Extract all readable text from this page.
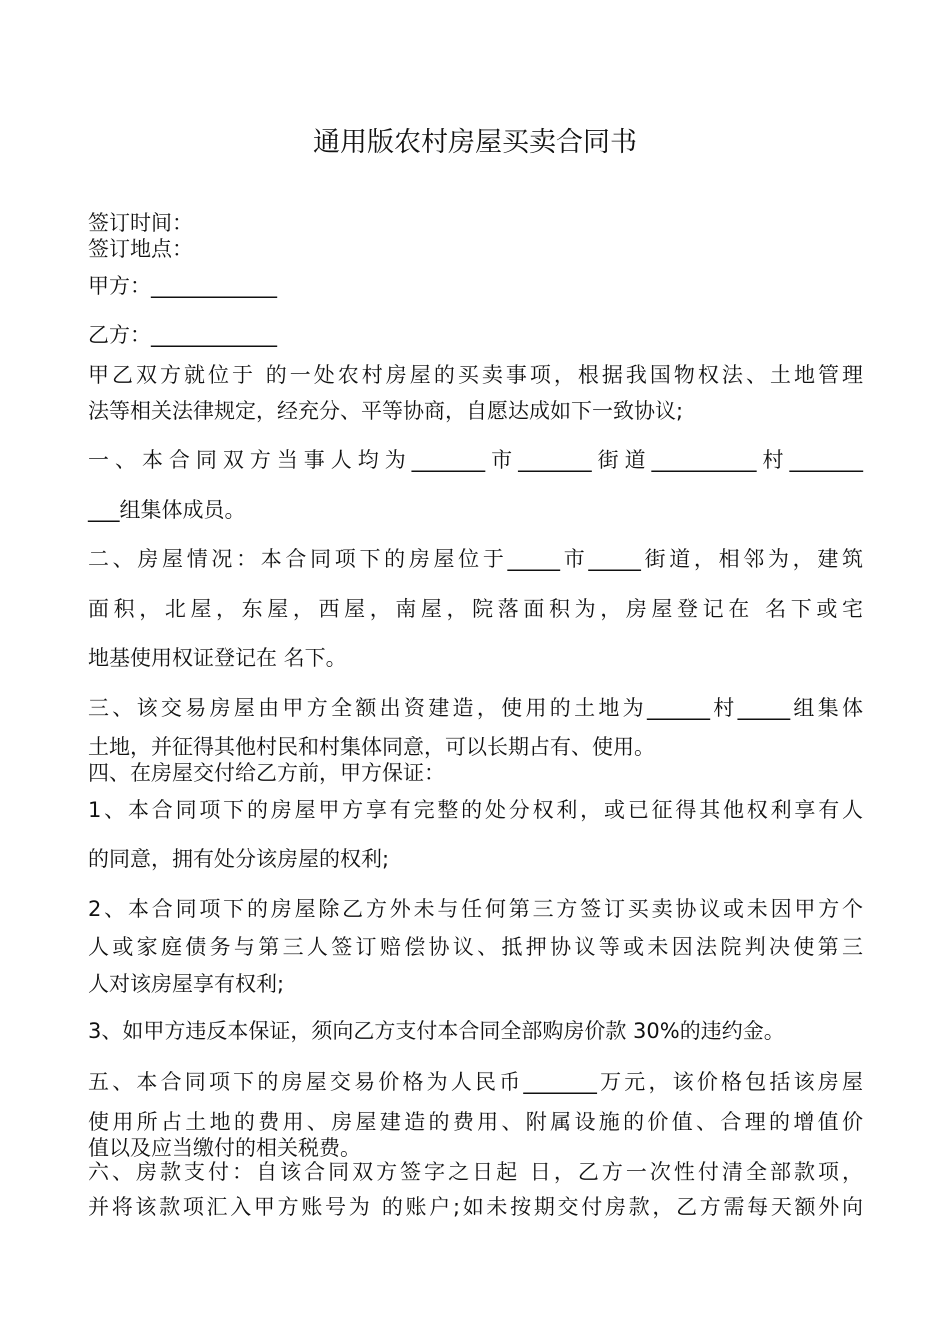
通用版农村房屋买卖合同书
签订时间：
签订地点：
甲方：____________
乙方：____________
甲乙双方就位于 的一处农村房屋的买卖事项，根据我国物权法、土地管理
法等相关法律规定，经充分、平等协商，自愿达成如下一致协议;
一、本合同双方当事人均为_______市_______街道__________村_______
___组集体成员。
二、房屋情况：本合同项下的房屋位于_____市_____街道，相邻为，建筑
面积，北屋，东屋，西屋，南屋，院落面积为，房屋登记在 名下或宅
地基使用权证登记在 名下。
三、该交易房屋由甲方全额出资建造，使用的土地为______村_____组集体
土地，并征得其他村民和村集体同意，可以长期占有、使用。
四、在房屋交付给乙方前，甲方保证：
1、本合同项下的房屋甲方享有完整的处分权利，或已征得其他权利享有人
的同意，拥有处分该房屋的权利;
2、本合同项下的房屋除乙方外未与任何第三方签订买卖协议或未因甲方个
人或家庭债务与第三人签订赔偿协议、抵押协议等或未因法院判决使第三
人对该房屋享有权利;
3、如甲方违反本保证，须向乙方支付本合同全部购房价款 30%的违约金。
五、本合同项下的房屋交易价格为人民币_______万元，该价格包括该房屋
使用所占土地的费用、房屋建造的费用、附属设施的价值、合理的增值价
值以及应当缴付的相关税费。
六、房款支付：自该合同双方签字之日起 日，乙方一次性付清全部款项，
并将该款项汇入甲方账号为 的账户;如未按期交付房款，乙方需每天额外向
